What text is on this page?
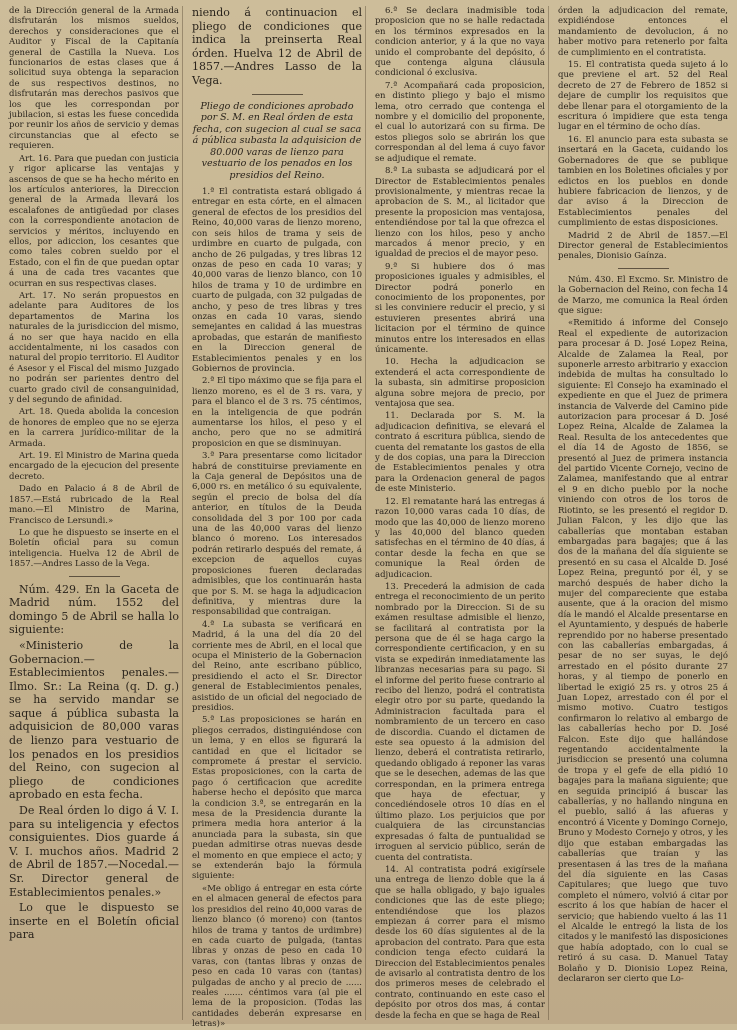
de la Dirección general de la Armada disfrutarán los mismos sueldos, derechos y consideraciones que el Auditor y Fiscal de la Capitanía general de Castilla la Nueva. Los funcionarios de estas clases que á solicitud suya obtenga la separacion de sus respectivos destinos, no disfrutarán mas derechos pasivos que los que les correspondan por jubilacion, si estas les fuese concedida por reunir los años de servicio y demas circunstancias que al efecto se requieren.

Art. 16. Para que puedan con justicia y rigor aplicarse las ventajas y ascensos de que se ha hecho mérito en los artículos anteriores, la Direccion general de la Armada llevará los escalafones de antigüedad por clases con la correspondiente anotacion de servicios y méritos, incluyendo en ellos, por adiccion, los cesantes que como tales cobren sueldo por el Estado, con el fin de que puedan optar á una de cada tres vacantes que ocurran en sus respectivas clases.

Art. 17. No serán propuestos en adelante para Auditores de los departamentos de Marina los naturales de la jurisdiccion del mismo, á no ser que haya nacido en ella accidentalmente, ni los casados con natural del propio territorio. El Auditor é Asesor y el Fiscal del mismo Juzgado no podrán ser parientes dentro del cuarto grado civil de consanguinidad, y del segundo de afinidad.

Art. 18. Queda abolida la concesion de honores de empleo que no se ejerza en la carrera jurídico-militar de la Armada.

Art. 19. El Ministro de Marina queda encargado de la ejecucion del presente decreto.

Dado en Palacio á 8 de Abril de 1857.—Está rubricado de la Real mano.—El Ministro de Marina, Francisco de Lersundi.»

Lo que he dispuesto se inserte en el Boletín oficial para su comun inteligencia. Huelva 12 de Abril de 1857.—Andres Lasso de la Vega.

Núm. 429. En la Gaceta de Madrid núm. 1552 del domingo 5 de Abril se halla lo siguiente:

«Ministerio de la Gobernacion.—Establecimientos penales.—Ilmo. Sr.: La Reina (q. D. g.) se ha servido mandar se saque á pública subasta la adquisicion de 80,000 varas de lienzo para vestuario de los penados en los presidios del Reino, con sugecion al pliego de condiciones aprobado en esta fecha.

De Real órden lo digo á V. I. para su inteligencia y efectos consiguientes. Dios guarde á V. I. muchos años. Madrid 2 de Abril de 1857.—Nocedal.—Sr. Director general de Establecimientos penales.»

Lo que le dispuesto se inserte en el Boletín oficial para

niendo á continuacion el pliego de condiciones que indica la preinserta Real órden. Huelva 12 de Abril de 1857.—Andres Lasso de la Vega.

Pliego de condiciones aprobado por S. M. en Real órden de esta fecha, con sugecion al cual se saca á pública subasta la adquisicion de 80.000 varas de lienzo para vestuario de los penados en los presidios del Reino.

1.ª El contratista estará obligado á entregar en esta córte, en el almacen general de efectos de los presidios del Reino, 40,000 varas de lienzo moreno, con seis hilos de trama y seis de urdimbre en cuarto de pulgada, con ancho de 26 pulgadas, y tres libras 12 onzas de peso en cada 10 varas; y 40,000 varas de lienzo blanco, con 10 hilos de trama y 10 de urdimbre en cuarto de pulgada, con 32 pulgadas de ancho, y peso de tres libras y tres onzas en cada 10 varas, siendo semejantes en calidad á las muestras aprobadas, que estarán de manifiesto en la Direccion general de Establecimientos penales y en los Gobiernos de provincia.

2.ª El tipo máximo que se fija para el lienzo moreno, es el de 3 rs. vara, y para el blanco el de 3 rs. 75 céntimos, en la inteligencia de que podrán aumentarse los hilos, el peso y el ancho, pero que no se admitirá proposicion en que se disminuyan.

3.ª Para presentarse como licitador habrá de constituirse previamente en la Caja general de Depósitos una de 6,000 rs. en metálico ó su equivalente, según el precio de bolsa del día anterior, en títulos de la Deuda consolidada del 3 por 100 por cada una de las 40,000 varas del lienzo blanco ó moreno. Los interesados podrán retirarlo después del remate, á excepcion de aquellos cuyas proposiciones fueren declaradas admisibles, que los continuarán hasta que por S. M. se haga la adjudicacion definitiva, y mientras dure la responsabilidad que contraigan.

4.ª La subasta se verificará en Madrid, á la una del día 20 del corriente mes de Abril, en el local que ocupa el Ministerio de la Gobernacion del Reino, ante escribano público, presidiendo el acto el Sr. Director general de Establecimientos penales, asistido de un oficial del negociado de presidios.

5.ª Las proposiciones se harán en pliegos cerrados, distinguiéndose con un lema, y en ellos se figurará la cantidad en que el licitador se compromete á prestar el servicio. Estas proposiciones, con la carta de pago ó certificacion que acredite haberse hecho el depósito que marca la condicion 3.ª, se entregarán en la mesa de la Presidencia durante la primera media hora anterior á la anunciada para la subasta, sin que puedan admitirse otras nuevas desde el momento en que empiece el acto; y se extenderán bajo la fórmula siguiente:

«Me obligo á entregar en esta córte en el almacen general de efectos para los presidios del reino 40,000 varas de lienzo blanco (ó moreno) con (tantos hilos de trama y tantos de urdimbre) en cada cuarto de pulgada, (tantas libras y onzas de peso en cada 10 varas, con (tantas libras y onzas de peso en cada 10 varas con (tantas) pulgadas de ancho y al precio de ...... reales ....... céntimos vara (al pie el lema de la proposicion. (Todas las cantidades deberán expresarse en letras)»

6.ª Se declara inadmisible toda proposicion que no se halle redactada en los términos expresados en la condicion anterior, y á la que no vaya unido el comprobante del depósito, ó que contenga alguna cláusula condicional ó exclusiva.

7.ª Acompañará cada proposicion, en distinto pliego y bajo el mismo lema, otro cerrado que contenga el nombre y el domicilio del proponente, el cual lo autorizará con su firma. De estos pliegos solo se abrirán los que correspondan al del lema á cuyo favor se adjudique el remate.

8.ª La subasta se adjudicará por el Director de Establecimientos penales provisionalmente, y mientras recae la aprobacion de S. M., al licitador que presente la proposicion mas ventajosa, entendiéndose por tal la que ofrezca el lienzo con los hilos, peso y ancho marcados á menor precio, y en igualdad de precios el de mayor peso.

9.ª Si hubiere dos ó mas proposiciones iguales y admisibles, el Director podrá ponerlo en conocimiento de los proponentes, por si les conviniere reducir el precio, y si estuvieren presentes abrirá una licitacion por el término de quince minutos entre los interesados en ellas únicamente.

10. Hecha la adjudicacion se extenderá el acta correspondiente de la subasta, sin admitirse proposicion alguna sobre mejora de precio, por ventajosa que sea.

11. Declarada por S. M. la adjudicacion definitiva, se elevará el contrato á escritura pública, siendo de cuenta del rematante los gastos de ella y de dos copias, una para la Direccion de Establecimientos penales y otra para la Ordenacion general de pagos de este Ministerio.

12. El rematante hará las entregas á razon 10,000 varas cada 10 días, de modo que las 40,000 de lienzo moreno y las 40,000 del blanco queden satisfechas en el término de 40 días, á contar desde la fecha en que se comunique la Real órden de adjudicacion.

13. Precederá la admision de cada entrega el reconocimiento de un perito nombrado por la Direccion. Si de su exámen resultase admisible el lienzo, se facilitará al contratista por la persona que de él se haga cargo la correspondiente certificacion, y en su vista se expedirán inmediatamente las libranzas necesarias para su pago. Si el informe del perito fuese contrario al recibo del lienzo, podrá el contratista elegir otro por su parte, quedando la Administracion facultada para el nombramiento de un tercero en caso de discordia. Cuando el dictamen de este sea opuesto á la admision del lienzo, deberá el contratista retirarlo, quedando obligado á reponer las varas que se le desechen, ademas de las que correspondan, en la primera entrega que haya de efectuar, y concediéndosele otros 10 días en el último plazo. Los perjuicios que por cualquiera de las circunstancias expresadas ó falta de puntualidad se irroguen al servicio público, serán de cuenta del contratista.

14. Al contratista podrá exigírsele una entrega de lienzo doble que la á que se halla obligado, y bajo iguales condiciones que las de este pliego; entendiéndose que los plazos empiezan á correr para el mismo desde los 60 días siguientes al de la aprobacion del contrato. Para que esta condicion tenga efecto cuidará la Direccion del Establecimientos penales de avisarlo al contratista dentro de los dos primeros meses de celebrado el contrato, continuando en este caso el depósito por otros dos mas, á contar desde la fecha en que se haga de Real

órden la adjudicacion del remate, expidiéndose entonces el mandamiento de devolucion, á no haber motivo para retenerlo por falta de cumplimiento en el contratista.

15. El contratista queda sujeto á lo que previene el art. 52 del Real decreto de 27 de Febrero de 1852 si dejare de cumplir los requisitos que debe llenar para el otorgamiento de la escritura ó impidiere que esta tenga lugar en el término de ocho días.

16. El anuncio para esta subasta se insertará en la Gaceta, cuidando los Gobernadores de que se publique tambien en los Boletines oficiales y por edictos en los pueblos en donde hubiere fabricacion de lienzos, y de dar aviso á la Direccion de Establecimientos penales del cumplimiento de estas disposiciones.

Madrid 2 de Abril de 1857.—El Director general de Establecimientos penales, Dionisio Gaínza.

Núm. 430. El Excmo. Sr. Ministro de la Gobernacion del Reino, con fecha 14 de Marzo, me comunica la Real órden que sigue:

«Remitido á informe del Consejo Real el expediente de autorizacion para procesar á D. José Lopez Reina, Alcalde de Zalamea la Real, por suponerle arresto arbitrario y exaccion indebida de multas ha consultado lo siguiente: El Consejo ha examinado el expediente en que el Juez de primera instancia de Valverde del Camino pide autorizacion para procesar á D. José Lopez Reina, Alcalde de Zalamea la Real. Resulta de los antecedentes que el día 14 de Agosto de 1856, se presentó al Juez de primera instancia del partido Vicente Cornejo, vecino de Zalamea, manifestando que al entrar el 9 en dicho pueblo por la noche viniendo con otros de los toros de Riotinto, se les presentó el regidor D. Julian Falcon, y les dijo que las caballerías que montaban estaban embargadas para bagajes; que á las dos de la mañana del día siguiente se presentó en su casa el Alcalde D. José Lopez Reina, preguntó por él, y se marchó después de haber dicho la mujer del compareciente que estaba ausente, que á la oracion del mismo día le mandó el Alcalde presentarse en el Ayuntamiento, y después de haberle reprendido por no haberse presentado con las caballerías embargadas, á pesar de no ser suyas, le dejó arrestado en el pósito durante 27 horas, y al tiempo de ponerlo en libertad le exigió 25 rs. y otros 25 á Juan Lopez, arrestado con él por el mismo motivo. Cuatro testigos confirmaron lo relativo al embargo de las caballerías hecho por D. José Falcon. Este dijo que hallándose regentando accidentalmente la jurisdiccion se presentó una columna de tropa y el gefe de ella pidió 10 bagajes para la mañana siguiente; que en seguida principió á buscar las caballerías, y no hallando ninguna en el pueblo, salió á las afueras y encontró á Vicente y Domingo Cornejo, Bruno y Modesto Cornejo y otros, y les dijo que estaban embargadas las caballerías que traían y las presentasen á las tres de la mañana del día siguiente en las Casas Capitulares; que luego que tuvo completo el número, volvió á citar por escrito á los que habían de hacer el servicio; que habiendo vuelto á las 11 el Alcalde le entregó la lista de los citados y le manifestó las disposiciones que había adoptado, con lo cual se retiró á su casa. D. Manuel Tatay Bolaño y D. Dionisio Lopez Reina, declararon ser cierto que Lo-
